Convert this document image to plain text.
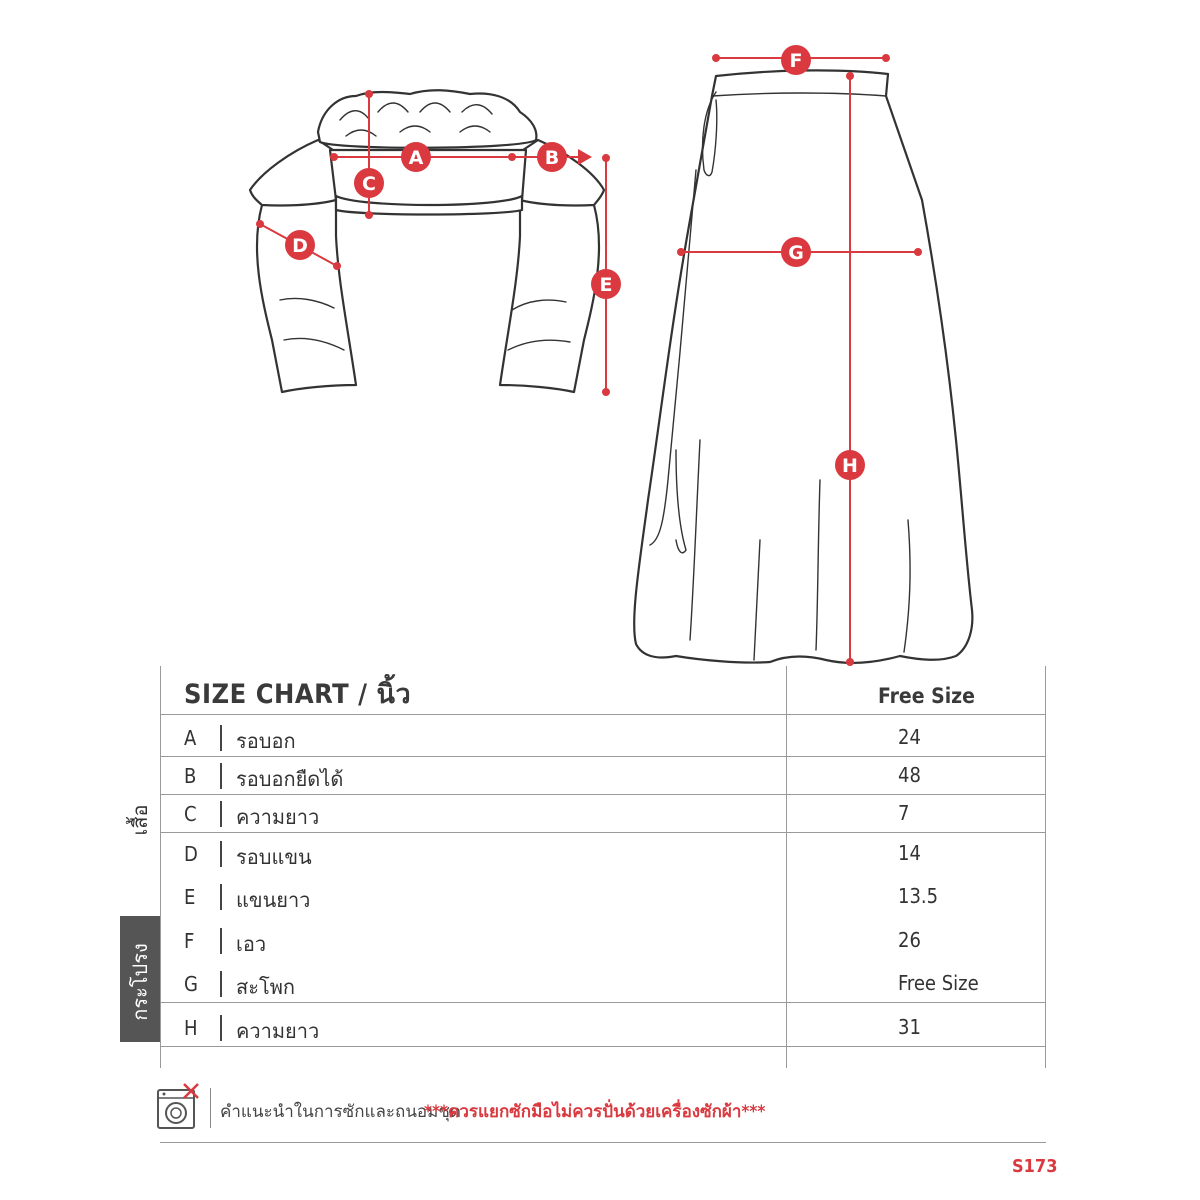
A	B
C
D
E
F
G
H
SIZE CHART / นิ้ว	Free Size
เสื้อ
กระโปรง
A รอบอก	24
B รอบอกยืดได้	48
C ความยาว	7
D รอบแขน	14
E แขนยาว	13.5
F เอว	26
G สะโพก	Free Size
H ความยาว	31
คำแนะนำในการซักและถนอมชุด
***ควรแยกซักมือไม่ควรปั่นด้วยเครื่องซักผ้า***
S173
